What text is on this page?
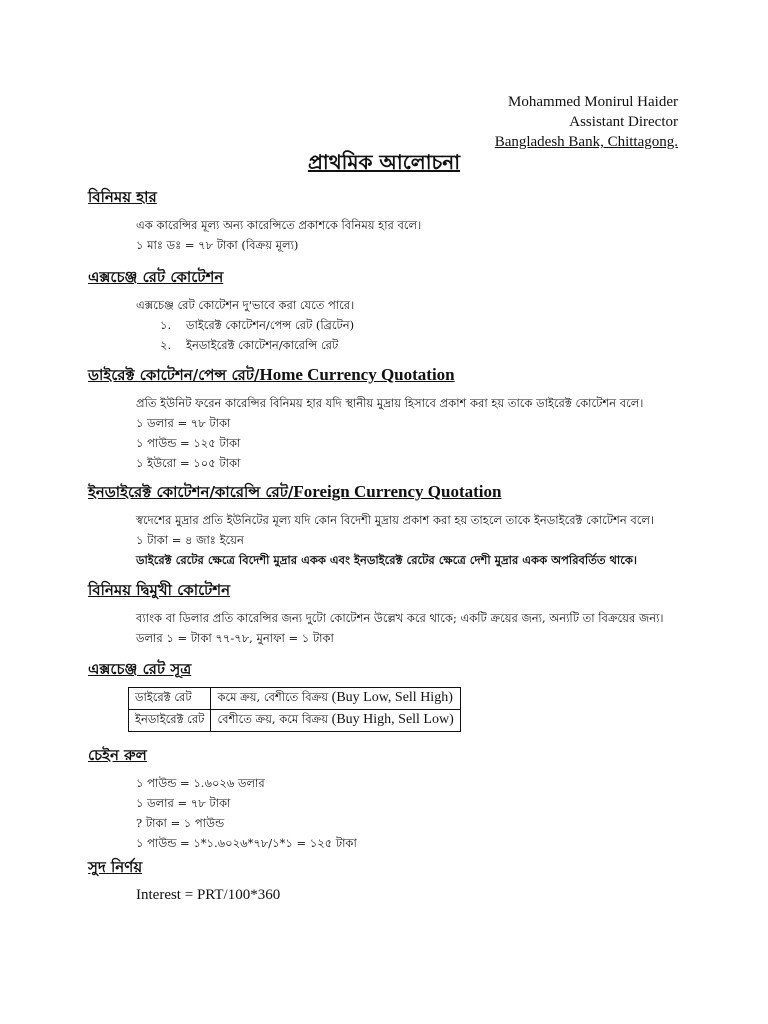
Mohammed Monirul Haider
Assistant Director
Bangladesh Bank, Chittagong.
প্রাথমিক আলোচনা
বিনিময় হার
এক কারেন্সির মূল্য অন্য কারেন্সিতে প্রকাশকে বিনিময় হার বলে।
১ মাঃ ডঃ = ৭৮ টাকা (বিক্রয় মূল্য)
এক্সচেঞ্জ রেট কোটেশন
এক্সচেঞ্জ রেট কোটেশন দু'ভাবে করা যেতে পারে।
১. ডাইরেক্ট কোটেশন/পেন্স রেট (ব্রিটেন)
২. ইনডাইরেক্ট কোটেশন/কারেন্সি রেট
ডাইরেক্ট কোটেশন/পেন্স রেট/Home Currency Quotation
প্রতি ইউনিট ফরেন কারেন্সির বিনিময় হার যদি স্থানীয় মুদ্রায় হিসাবে প্রকাশ করা হয় তাকে ডাইরেক্ট কোটেশন বলে।
১ ডলার = ৭৮ টাকা
১ পাউন্ড = ১২৫ টাকা
১ ইউরো = ১০৫ টাকা
ইনডাইরেক্ট কোটেশন/কারেন্সি রেট/Foreign Currency Quotation
স্বদেশের মুদ্রার প্রতি ইউনিটের মূল্য যদি কোন বিদেশী মুদ্রায় প্রকাশ করা হয় তাহলে তাকে ইনডাইরেক্ট কোটেশন বলে।
১ টাকা = ৪ জাঃ ইয়েন
ডাইরেক্ট রেটের ক্ষেত্রে বিদেশী মুদ্রার একক এবং ইনডাইরেক্ট রেটের ক্ষেত্রে দেশী মুদ্রার একক অপরিবর্তিত থাকে।
বিনিময় দ্বিমুখী কোটেশন
ব্যাংক বা ডিলার প্রতি কারেন্সির জন্য দুটো কোটেশন উল্লেখ করে থাকে; একটি ক্রয়ের জন্য, অন্যটি তা বিক্রয়ের জন্য।
ডলার ১ = টাকা ৭৭-৭৮, মুনাফা = ১ টাকা
এক্সচেঞ্জ রেট সূত্র
ডাইরেক্ট রেট	কমে ক্রয়, বেশীতে বিক্রয় (Buy Low, Sell High)
ইনডাইরেক্ট রেট	বেশীতে ক্রয়, কমে বিক্রয় (Buy High, Sell Low)
চেইন রুল
১ পাউন্ড = ১.৬০২৬ ডলার
১ ডলার = ৭৮ টাকা
? টাকা = ১ পাউন্ড
১ পাউন্ড = ১*১.৬০২৬*৭৮/১*১ = ১২৫ টাকা
সুদ নির্ণয়
Interest = PRT/100*360
